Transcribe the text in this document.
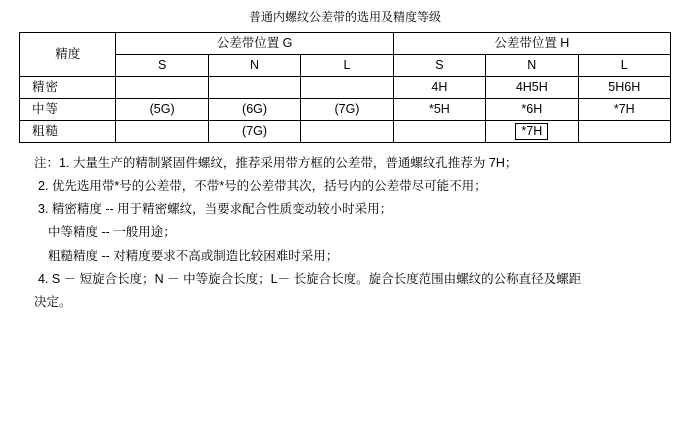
普通内螺纹公差带的选用及精度等级
精度	公差带位置 G			公差带位置 H		
	S	N	L	S	N	L
精密				4H	4H5H	5H6H
中等	(5G)	(6G)	(7G)	*5H	*6H	*7H
粗糙		(7G)			*7H	
注：1. 大量生产的精制紧固件螺纹，推荐采用带方框的公差带，普通螺纹孔推荐为 7H；
2. 优先选用带*号的公差带，不带*号的公差带其次，括号内的公差带尽可能不用；
3. 精密精度 -- 用于精密螺纹，当要求配合性质变动较小时采用；
中等精度 -- 一般用途；
粗糙精度 -- 对精度要求不高或制造比较困难时采用；
4. S － 短旋合长度；N － 中等旋合长度；L－ 长旋合长度。旋合长度范围由螺纹的公称直径及螺距
决定。
